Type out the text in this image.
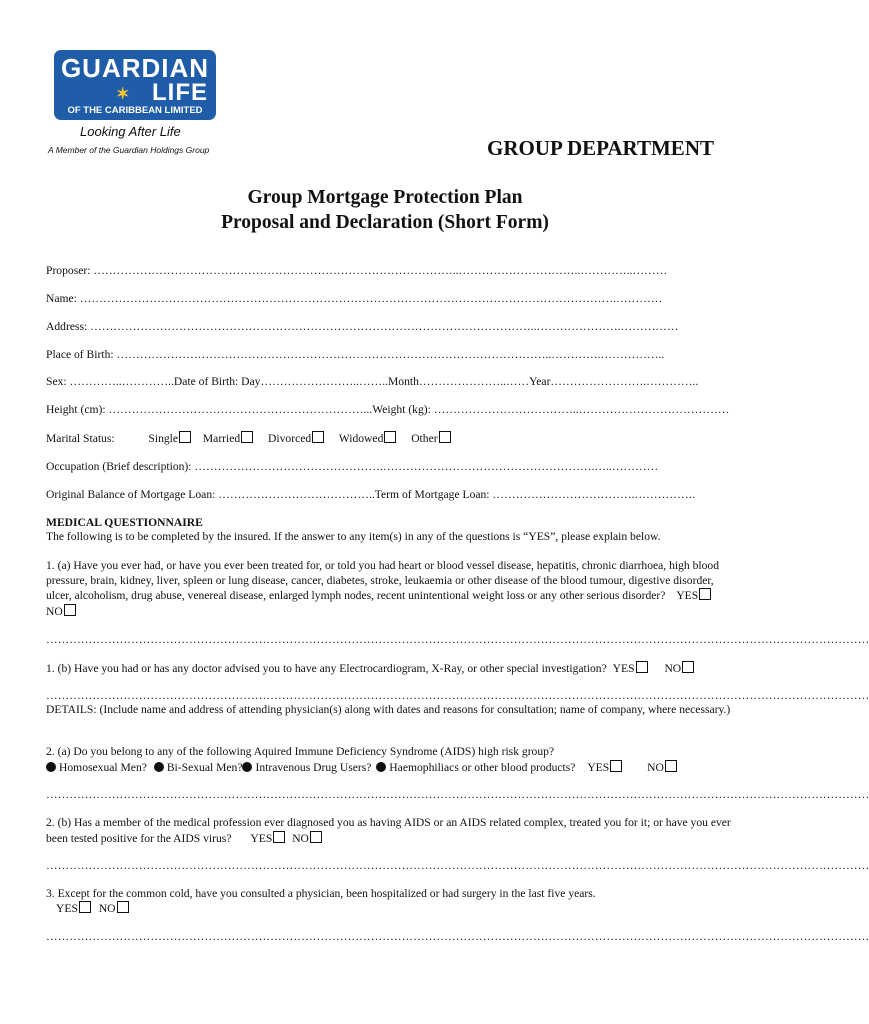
GUARDIAN
✶ LIFE
OF THE CARIBBEAN LIMITED
Looking After Life
A Member of the Guardian Holdings Group	GROUP DEPARTMENT
Group Mortgage Protection Plan
Proposal and Declaration (Short Form)
Proposer: …………………………………………………………………………………..…………………………..…………..………
Name: ………………………………………………………………………………………………………………………….…………
Address: ……………………………………………………………………………………………………..………………….……………
Place of Birth: …………………………………………………………………………………………………..………….……………..
Sex: …………..…………..Date of Birth: Day……………………..……..Month…………………..……Year…………………….…………..
Height (cm): …………………………………………………………...Weight (kg): ………………………………..…………………………………
Marital Status:	Single Married Divorced Widowed Other
Occupation (Brief description): ………………………………………….……………………………………………….…..…………
Original Balance of Mortgage Loan: …………………………………..Term of Mortgage Loan: ……………………………….…………….
MEDICAL QUESTIONNAIRE
The following is to be completed by the insured. If the answer to any item(s) in any of the questions is “YES”, please explain below.
1. (a) Have you ever had, or have you ever been treated for, or told you had heart or blood vessel disease, hepatitis, chronic diarrhoea, high blood pressure, brain, kidney, liver, spleen or lung disease, cancer, diabetes, stroke, leukaemia or other disease of the blood tumour, digestive disorder, ulcer, alcoholism, drug abuse, venereal disease, enlarged lymph nodes, recent unintentional weight loss or any other serious disorder? YES NO
……………………………………………………………………………………………………………………………………………………………………………………………
1. (b) Have you had or has any doctor advised you to have any Electrocardiogram, X-Ray, or other special investigation? YES	NO
……………………………………………………………………………………………………………………………………………………………………………………………
DETAILS: (Include name and address of attending physician(s) along with dates and reasons for consultation; name of company, where necessary.)
2. (a) Do you belong to any of the following Aquired Immune Deficiency Syndrome (AIDS) high risk group?
Homosexual Men? Bi-Sexual Men? Intravenous Drug Users? Haemophiliacs or other blood products? YES	NO
……………………………………………………………………………………………………………………………………………………………………………………………
2. (b) Has a member of the medical profession ever diagnosed you as having AIDS or an AIDS related complex, treated you for it; or have you ever been tested positive for the AIDS virus? YES NO
……………………………………………………………………………………………………………………………………………………………………………………………
3. Except for the common cold, have you consulted a physician, been hospitalized or had surgery in the last five years.
YES NO
……………………………………………………………………………………………………………………………………………………………………………………………
